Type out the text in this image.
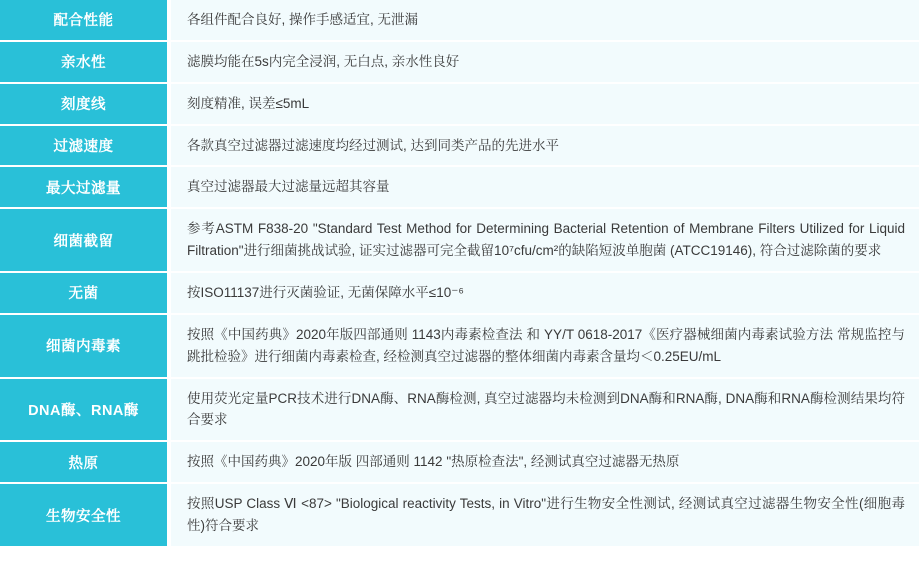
配合性能	各组件配合良好, 操作手感适宜, 无泄漏

亲水性	滤膜均能在5s内完全浸润, 无白点, 亲水性良好

刻度线	刻度精准, 误差≤5mL

过滤速度	各款真空过滤器过滤速度均经过测试, 达到同类产品的先进水平

最大过滤量	真空过滤器最大过滤量远超其容量

细菌截留	参考ASTM F838-20 "Standard Test Method for Determining Bacterial Retention of Membrane Filters Utilized for Liquid Filtration"进行细菌挑战试验, 证实过滤器可完全截留10⁷cfu/cm²的缺陷短波单胞菌 (ATCC19146), 符合过滤除菌的要求

无菌	按ISO11137进行灭菌验证, 无菌保障水平≤10⁻⁶

细菌内毒素	按照《中国药典》2020年版四部通则 1143内毒素检查法 和 YY/T 0618-2017《医疗器械细菌内毒素试验方法 常规监控与跳批检验》进行细菌内毒素检查, 经检测真空过滤器的整体细菌内毒素含量均＜0.25EU/mL

DNA酶、RNA酶	使用荧光定量PCR技术进行DNA酶、RNA酶检测, 真空过滤器均未检测到DNA酶和RNA酶, DNA酶和RNA酶检测结果均符合要求

热原	按照《中国药典》2020年版 四部通则 1142 "热原检查法", 经测试真空过滤器无热原

生物安全性	按照USP Class Ⅵ <87> "Biological reactivity Tests, in Vitro"进行生物安全性测试, 经测试真空过滤器生物安全性(细胞毒性)符合要求
